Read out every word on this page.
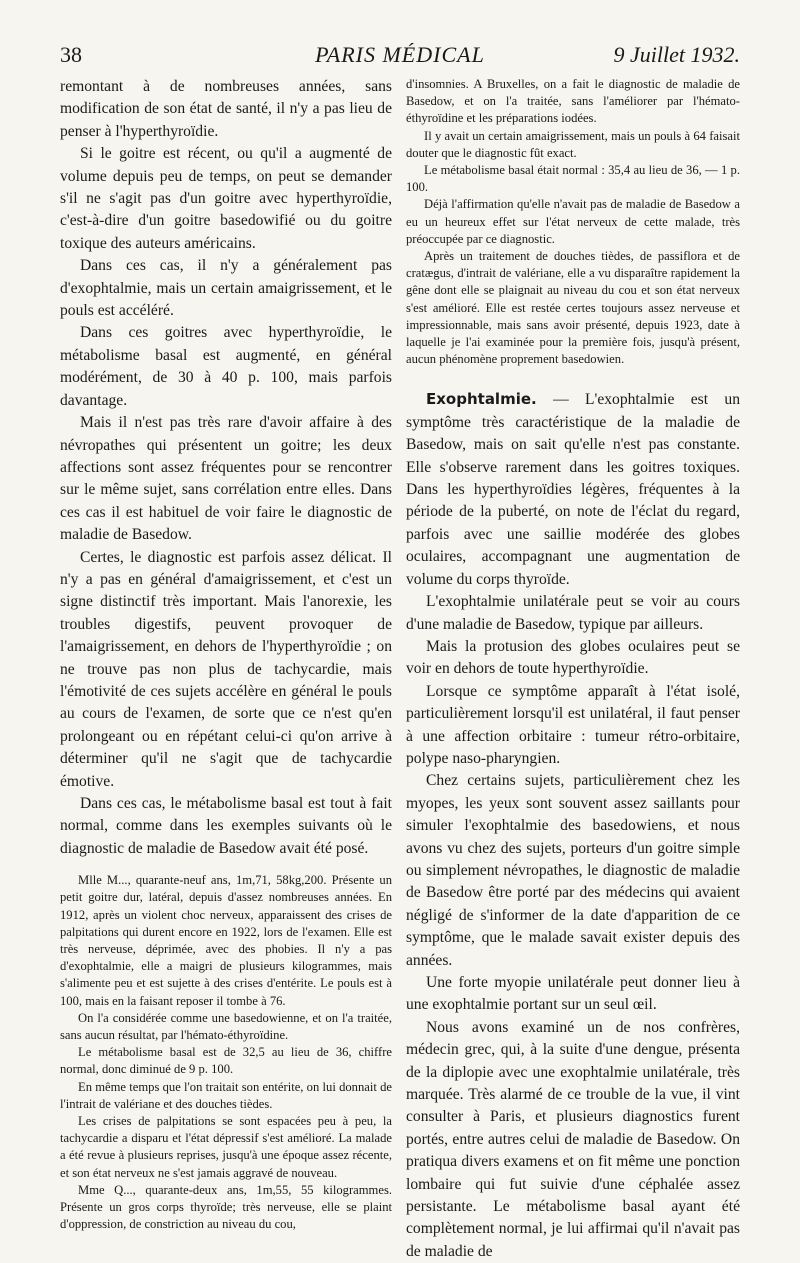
38	PARIS MÉDICAL	9 Juillet 1932.

remontant à de nombreuses années, sans modification de son état de santé, il n'y a pas lieu de penser à l'hyperthyroïdie.

Si le goitre est récent, ou qu'il a augmenté de volume depuis peu de temps, on peut se demander s'il ne s'agit pas d'un goitre avec hyperthyroïdie, c'est-à-dire d'un goitre basedowifié ou du goitre toxique des auteurs américains.

Dans ces cas, il n'y a généralement pas d'exophtalmie, mais un certain amaigrissement, et le pouls est accéléré.

Dans ces goitres avec hyperthyroïdie, le métabolisme basal est augmenté, en général modérément, de 30 à 40 p. 100, mais parfois davantage.

Mais il n'est pas très rare d'avoir affaire à des névropathes qui présentent un goitre; les deux affections sont assez fréquentes pour se rencontrer sur le même sujet, sans corrélation entre elles. Dans ces cas il est habituel de voir faire le diagnostic de maladie de Basedow.

Certes, le diagnostic est parfois assez délicat. Il n'y a pas en général d'amaigrissement, et c'est un signe distinctif très important. Mais l'anorexie, les troubles digestifs, peuvent provoquer de l'amaigrissement, en dehors de l'hyperthyroïdie ; on ne trouve pas non plus de tachycardie, mais l'émotivité de ces sujets accélère en général le pouls au cours de l'examen, de sorte que ce n'est qu'en prolongeant ou en répétant celui-ci qu'on arrive à déterminer qu'il ne s'agit que de tachycardie émotive.

Dans ces cas, le métabolisme basal est tout à fait normal, comme dans les exemples suivants où le diagnostic de maladie de Basedow avait été posé.

Mlle M..., quarante-neuf ans, 1m,71, 58kg,200. Présente un petit goitre dur, latéral, depuis d'assez nombreuses années. En 1912, après un violent choc nerveux, apparaissent des crises de palpitations qui durent encore en 1922, lors de l'examen. Elle est très nerveuse, déprimée, avec des phobies. Il n'y a pas d'exophtalmie, elle a maigri de plusieurs kilogrammes, mais s'alimente peu et est sujette à des crises d'entérite. Le pouls est à 100, mais en la faisant reposer il tombe à 76.

On l'a considérée comme une basedowienne, et on l'a traitée, sans aucun résultat, par l'hémato-éthyroïdine.

Le métabolisme basal est de 32,5 au lieu de 36, chiffre normal, donc diminué de 9 p. 100.

En même temps que l'on traitait son entérite, on lui donnait de l'intrait de valériane et des douches tièdes.

Les crises de palpitations se sont espacées peu à peu, la tachycardie a disparu et l'état dépressif s'est amélioré. La malade a été revue à plusieurs reprises, jusqu'à une époque assez récente, et son état nerveux ne s'est jamais aggravé de nouveau.

Mme Q..., quarante-deux ans, 1m,55, 55 kilogrammes. Présente un gros corps thyroïde; très nerveuse, elle se plaint d'oppression, de constriction au niveau du cou,

d'insomnies. A Bruxelles, on a fait le diagnostic de maladie de Basedow, et on l'a traitée, sans l'améliorer par l'hémato-éthyroïdine et les préparations iodées.

Il y avait un certain amaigrissement, mais un pouls à 64 faisait douter que le diagnostic fût exact.

Le métabolisme basal était normal : 35,4 au lieu de 36, — 1 p. 100.

Déjà l'affirmation qu'elle n'avait pas de maladie de Basedow a eu un heureux effet sur l'état nerveux de cette malade, très préoccupée par ce diagnostic.

Après un traitement de douches tièdes, de passiflora et de cratægus, d'intrait de valériane, elle a vu disparaître rapidement la gêne dont elle se plaignait au niveau du cou et son état nerveux s'est amélioré. Elle est restée certes toujours assez nerveuse et impressionnable, mais sans avoir présenté, depuis 1923, date à laquelle je l'ai examinée pour la première fois, jusqu'à présent, aucun phénomène proprement basedowien.

Exophtalmie. — L'exophtalmie est un symptôme très caractéristique de la maladie de Basedow, mais on sait qu'elle n'est pas constante. Elle s'observe rarement dans les goitres toxiques. Dans les hyperthyroïdies légères, fréquentes à la période de la puberté, on note de l'éclat du regard, parfois avec une saillie modérée des globes oculaires, accompagnant une augmentation de volume du corps thyroïde.

L'exophtalmie unilatérale peut se voir au cours d'une maladie de Basedow, typique par ailleurs.

Mais la protusion des globes oculaires peut se voir en dehors de toute hyperthyroïdie.

Lorsque ce symptôme apparaît à l'état isolé, particulièrement lorsqu'il est unilatéral, il faut penser à une affection orbitaire : tumeur rétro-orbitaire, polype naso-pharyngien.

Chez certains sujets, particulièrement chez les myopes, les yeux sont souvent assez saillants pour simuler l'exophtalmie des basedowiens, et nous avons vu chez des sujets, porteurs d'un goitre simple ou simplement névropathes, le diagnostic de maladie de Basedow être porté par des médecins qui avaient négligé de s'informer de la date d'apparition de ce symptôme, que le malade savait exister depuis des années.

Une forte myopie unilatérale peut donner lieu à une exophtalmie portant sur un seul œil.

Nous avons examiné un de nos confrères, médecin grec, qui, à la suite d'une dengue, présenta de la diplopie avec une exophtalmie unilatérale, très marquée. Très alarmé de ce trouble de la vue, il vint consulter à Paris, et plusieurs diagnostics furent portés, entre autres celui de maladie de Basedow. On pratiqua divers examens et on fit même une ponction lombaire qui fut suivie d'une céphalée assez persistante. Le métabolisme basal ayant été complètement normal, je lui affirmai qu'il n'avait pas de maladie de
